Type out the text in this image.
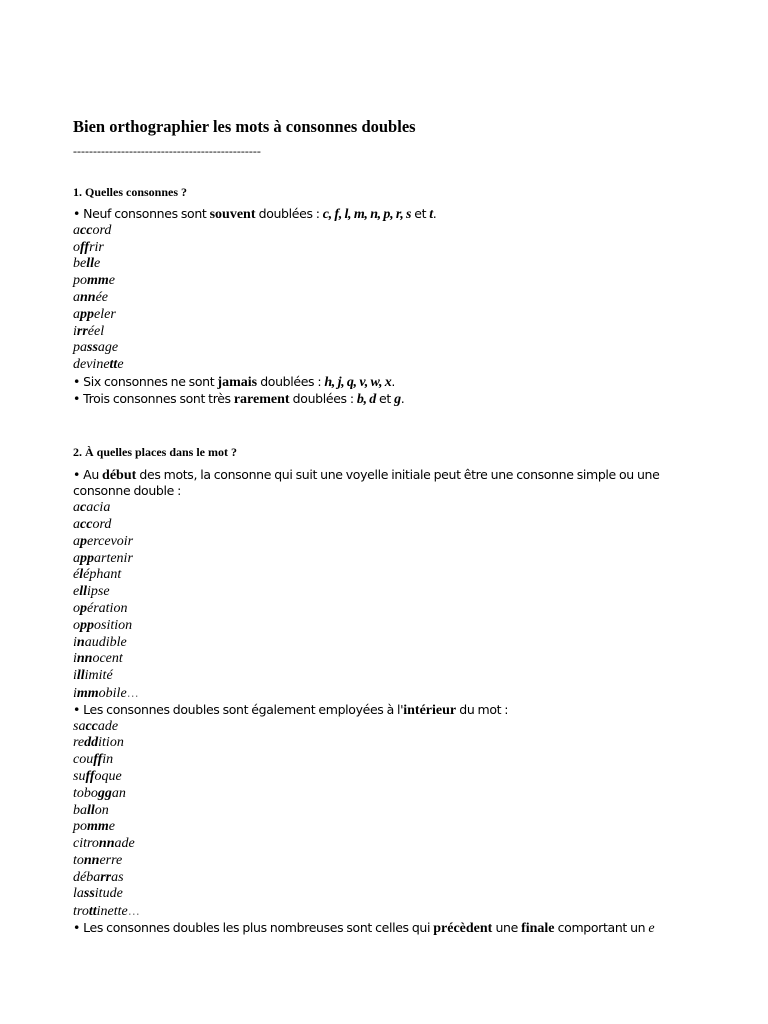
Bien orthographier les mots à consonnes doubles
-----------------------------------------------
1. Quelles consonnes ?
• Neuf consonnes sont souvent doublées : c, f, l, m, n, p, r, s et t.
accord
offrir
belle
pomme
année
appeler
irréel
passage
devinette
• Six consonnes ne sont jamais doublées : h, j, q, v, w, x.
• Trois consonnes sont très rarement doublées : b, d et g.
2. À quelles places dans le mot ?
• Au début des mots, la consonne qui suit une voyelle initiale peut être une consonne simple ou une
consonne double :
acacia
accord
apercevoir
appartenir
éléphant
ellipse
opération
opposition
inaudible
innocent
illimité
immobile…
• Les consonnes doubles sont également employées à l'intérieur du mot :
saccade
reddition
couffin
suffoque
toboggan
ballon
pomme
citronnade
tonnerre
débarras
lassitude
trottinette…
• Les consonnes doubles les plus nombreuses sont celles qui précèdent une finale comportant un e
